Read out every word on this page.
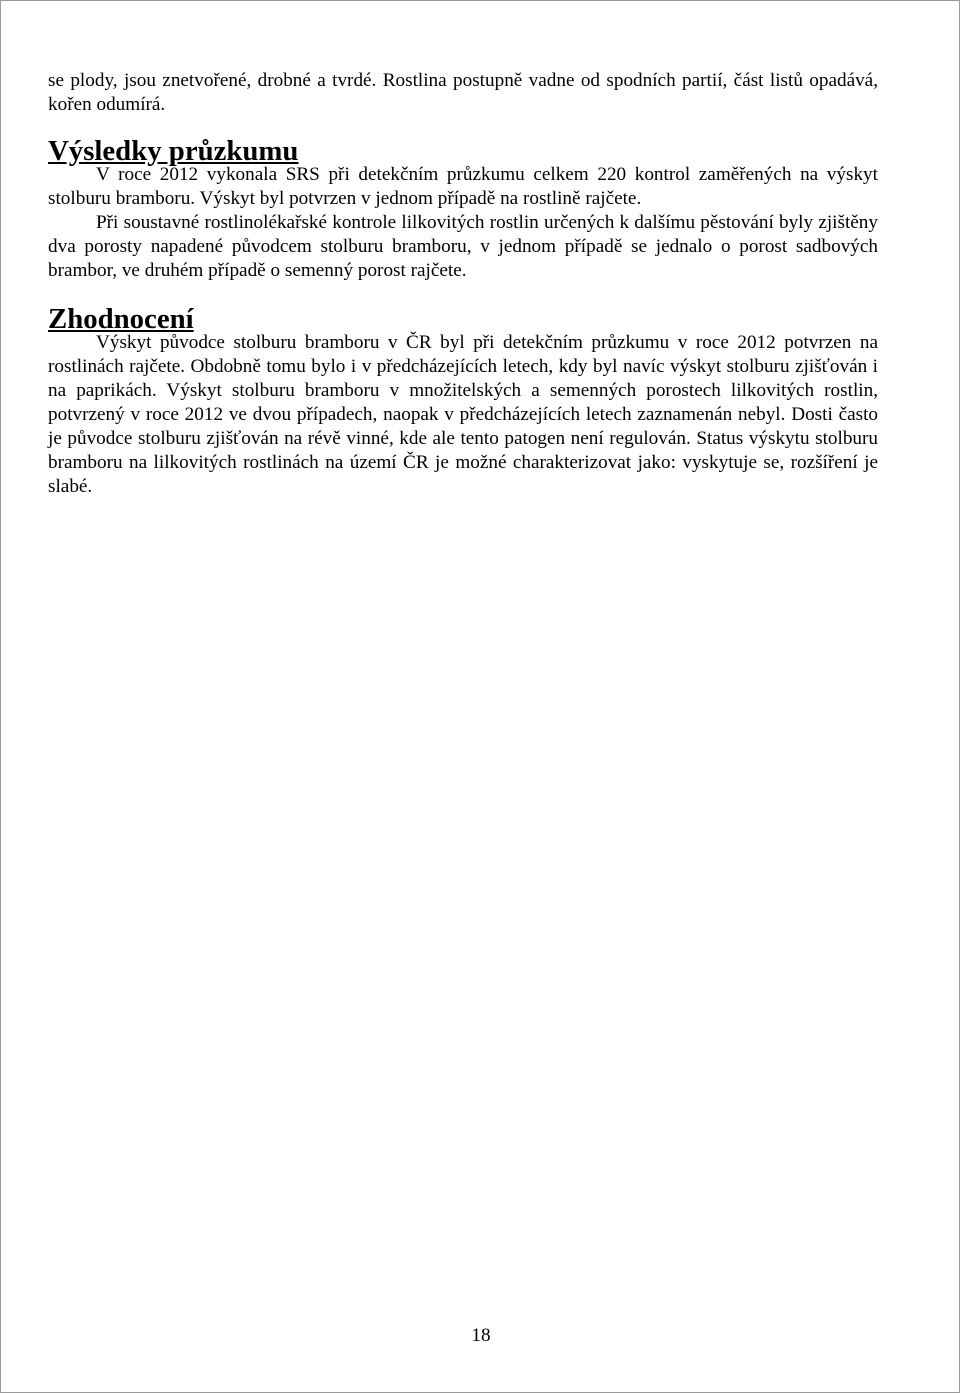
se plody, jsou znetvořené, drobné a tvrdé. Rostlina postupně vadne od spodních partií, část listů opadává, kořen odumírá.

Výsledky průzkumu

V roce 2012 vykonala SRS při detekčním průzkumu celkem 220 kontrol zaměřených na výskyt stolburu bramboru. Výskyt byl potvrzen v jednom případě na rostlině rajčete.

Při soustavné rostlinolékařské kontrole lilkovitých rostlin určených k dalšímu pěstování byly zjištěny dva porosty napadené původcem stolburu bramboru, v jednom případě se jednalo o porost sadbových brambor, ve druhém případě o semenný porost rajčete.

Zhodnocení

Výskyt původce stolburu bramboru v ČR byl při detekčním průzkumu v roce 2012 potvrzen na rostlinách rajčete. Obdobně tomu bylo i v předcházejících letech, kdy byl navíc výskyt stolburu zjišťován i na paprikách. Výskyt stolburu bramboru v množitelských a semenných porostech lilkovitých rostlin, potvrzený v roce 2012 ve dvou případech, naopak v předcházejících letech zaznamenán nebyl. Dosti často je původce stolburu zjišťován na révě vinné, kde ale tento patogen není regulován. Status výskytu stolburu bramboru na lilkovitých rostlinách na území ČR je možné charakterizovat jako: vyskytuje se, rozšíření je slabé.

18
